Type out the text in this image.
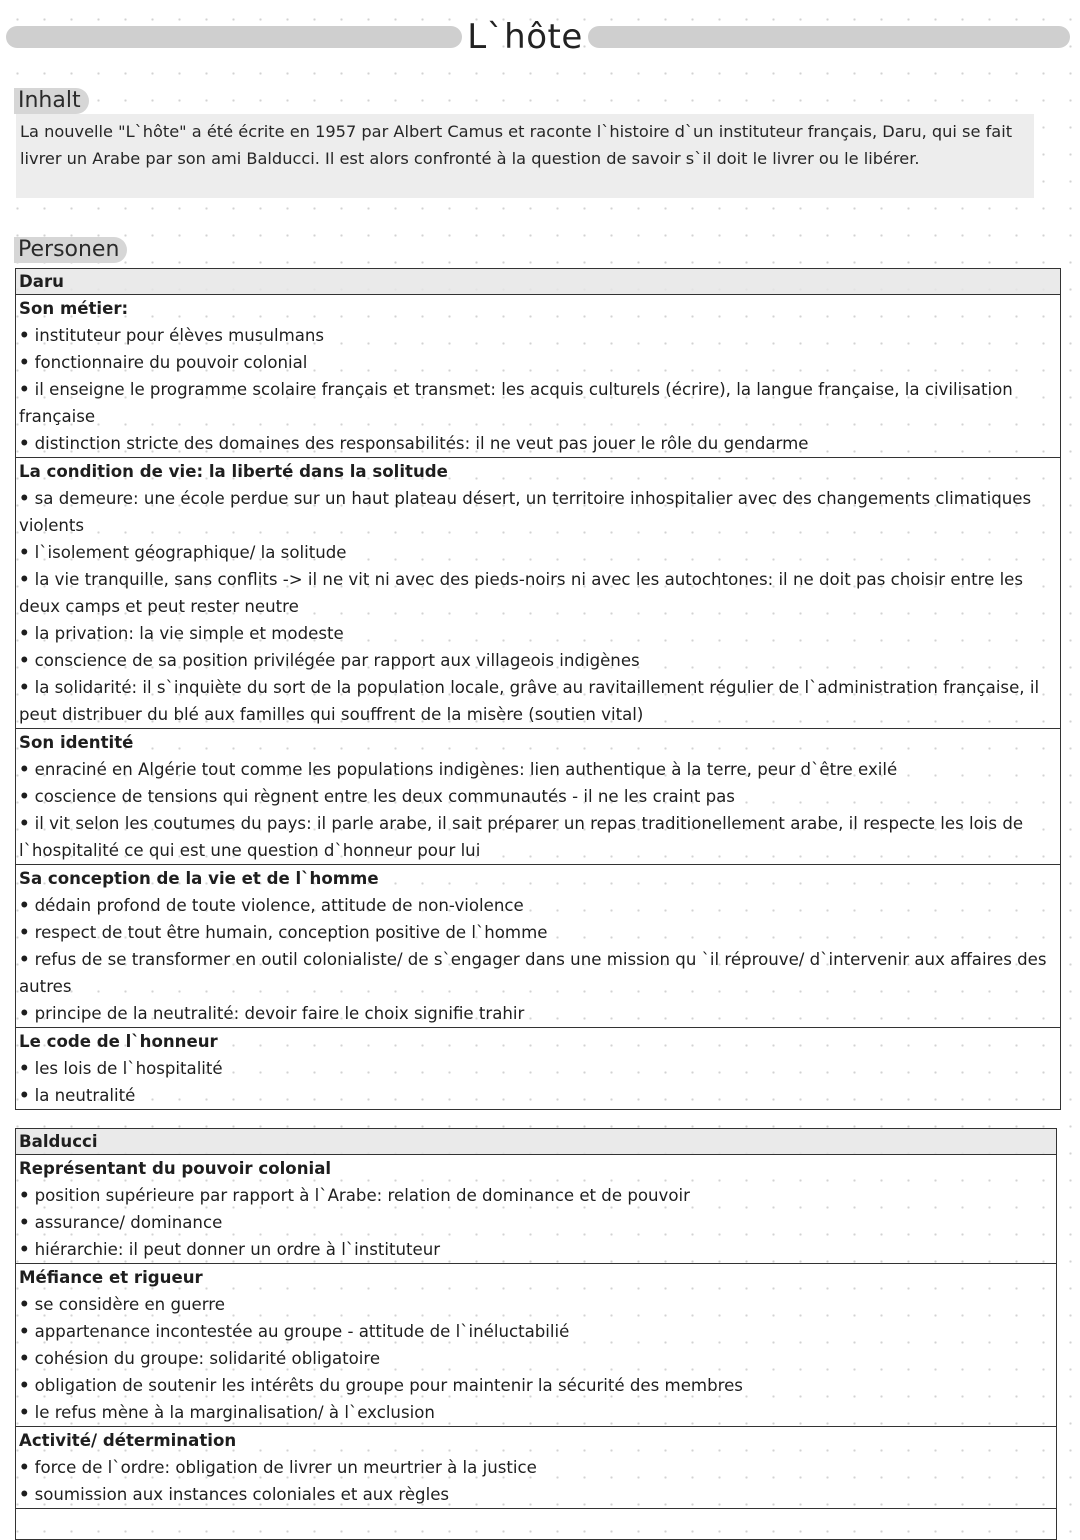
L`hôte
Inhalt

La nouvelle "L`hôte" a été écrite en 1957 par Albert Camus et raconte l`histoire d`un instituteur français, Daru, qui se fait livrer un Arabe par son ami Balducci. Il est alors confronté à la question de savoir s`il doit le livrer ou le libérer.

Personen
Daru

Son métier:
• instituteur pour élèves musulmans
• fonctionnaire du pouvoir colonial
• il enseigne le programme scolaire français et transmet: les acquis culturels (écrire), la langue française, la civilisation française
• distinction stricte des domaines des responsabilités: il ne veut pas jouer le rôle du gendarme

La condition de vie: la liberté dans la solitude
• sa demeure: une école perdue sur un haut plateau désert, un territoire inhospitalier avec des changements climatiques violents
• l`isolement géographique/ la solitude
• la vie tranquille, sans conflits -> il ne vit ni avec des pieds-noirs ni avec les autochtones: il ne doit pas choisir entre les deux camps et peut rester neutre
• la privation: la vie simple et modeste
• conscience de sa position privilégée par rapport aux villageois indigènes
• la solidarité: il s`inquiète du sort de la population locale, grâve au ravitaillement régulier de l`administration française, il peut distribuer du blé aux familles qui souffrent de la misère (soutien vital)

Son identité
• enraciné en Algérie tout comme les populations indigènes: lien authentique à la terre, peur d`être exilé
• coscience de tensions qui règnent entre les deux communautés - il ne les craint pas
• il vit selon les coutumes du pays: il parle arabe, il sait préparer un repas traditionellement arabe, il respecte les lois de l`hospitalité ce qui est une question d`honneur pour lui

Sa conception de la vie et de l`homme
• dédain profond de toute violence, attitude de non-violence
• respect de tout être humain, conception positive de l`homme
• refus de se transformer en outil colonialiste/ de s`engager dans une mission qu `il réprouve/ d`intervenir aux affaires des autres
• principe de la neutralité: devoir faire le choix signifie trahir

Le code de l`honneur
• les lois de l`hospitalité
• la neutralité
Balducci

Représentant du pouvoir colonial
• position supérieure par rapport à l`Arabe: relation de dominance et de pouvoir
• assurance/ dominance
• hiérarchie: il peut donner un ordre à l`instituteur

Méfiance et rigueur
• se considère en guerre
• appartenance incontestée au groupe - attitude de l`inéluctabilié
• cohésion du groupe: solidarité obligatoire
• obligation de soutenir les intérêts du groupe pour maintenir la sécurité des membres
• le refus mène à la marginalisation/ à l`exclusion

Activité/ détermination
• force de l`ordre: obligation de livrer un meurtrier à la justice
• soumission aux instances coloniales et aux règles
